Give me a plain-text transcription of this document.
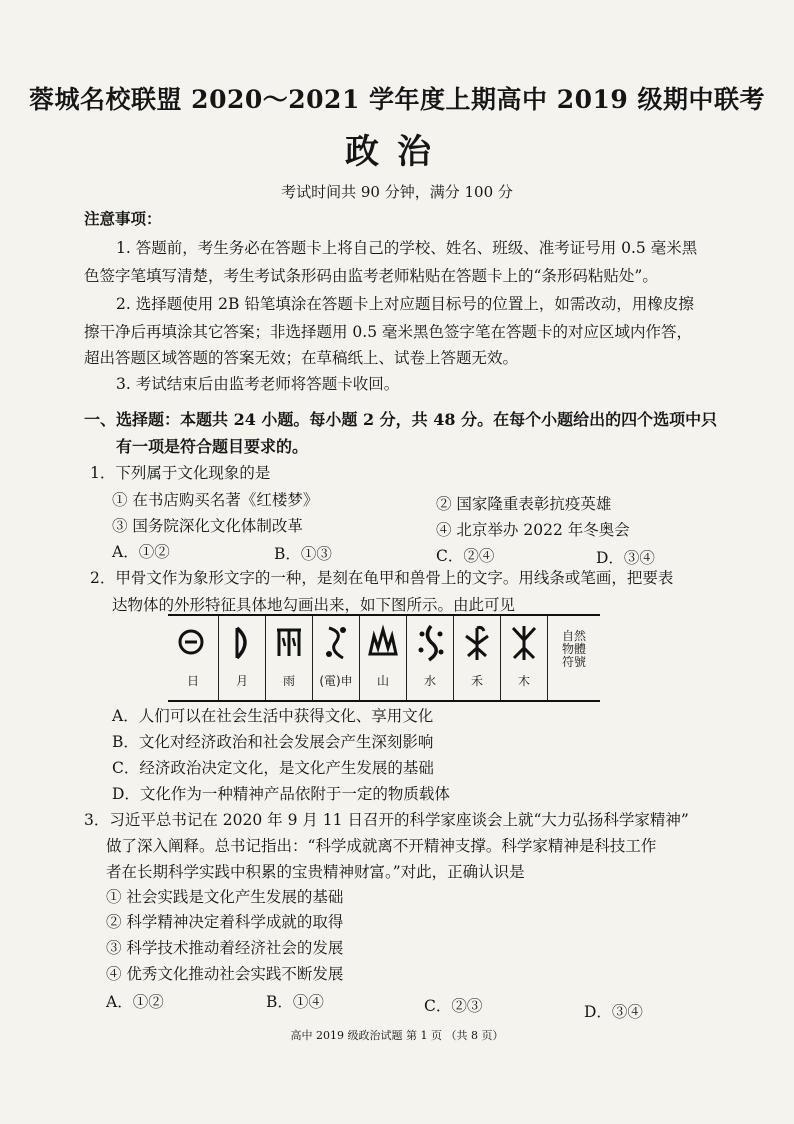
蓉城名校联盟 2020～2021 学年度上期高中 2019 级期中联考
政治
考试时间共 90 分钟，满分 100 分
注意事项：
1. 答题前，考生务必在答题卡上将自己的学校、姓名、班级、准考证号用 0.5 毫米黑
色签字笔填写清楚，考生考试条形码由监考老师粘贴在答题卡上的“条形码粘贴处”。
2. 选择题使用 2B 铅笔填涂在答题卡上对应题目标号的位置上，如需改动，用橡皮擦
擦干净后再填涂其它答案；非选择题用 0.5 毫米黑色签字笔在答题卡的对应区域内作答，
超出答题区域答题的答案无效；在草稿纸上、试卷上答题无效。
3. 考试结束后由监考老师将答题卡收回。
一、选择题：本题共 24 小题。每小题 2 分，共 48 分。在每个小题给出的四个选项中只
有一项是符合题目要求的。
1．下列属于文化现象的是
① 在书店购买名著《红楼梦》	② 国家隆重表彰抗疫英雄
③ 国务院深化文化体制改革	④ 北京举办 2022 年冬奥会
A．①②	B．①③	C．②④	D．③④
2．甲骨文作为象形文字的一种，是刻在龟甲和兽骨上的文字。用线条或笔画，把要表
达物体的外形特征具体地勾画出来，如下图所示。由此可见
日	月	雨	(電)申	山	水	禾	木
自然物體符號
A．人们可以在社会生活中获得文化、享用文化
B．文化对经济政治和社会发展会产生深刻影响
C．经济政治决定文化，是文化产生发展的基础
D．文化作为一种精神产品依附于一定的物质载体
3．习近平总书记在 2020 年 9 月 11 日召开的科学家座谈会上就“大力弘扬科学家精神”
做了深入阐释。总书记指出：“科学成就离不开精神支撑。科学家精神是科技工作
者在长期科学实践中积累的宝贵精神财富。”对此，正确认识是
① 社会实践是文化产生发展的基础
② 科学精神决定着科学成就的取得
③ 科学技术推动着经济社会的发展
④ 优秀文化推动社会实践不断发展
A．①②	B．①④	C．②③	D．③④
高中 2019 级政治试题 第 1 页 （共 8 页）
